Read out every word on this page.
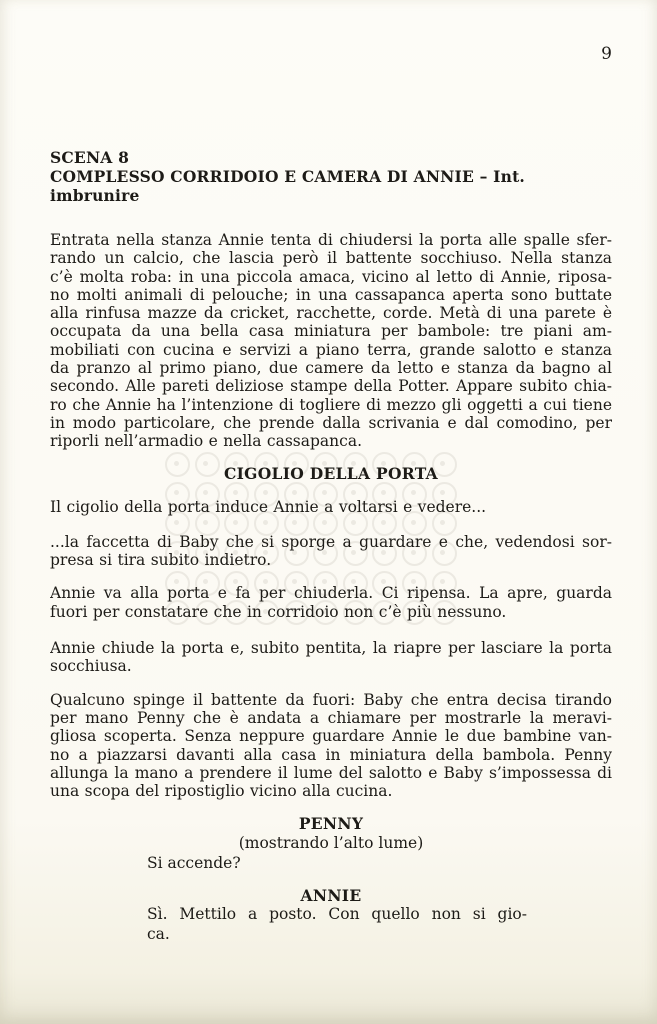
9
SCENA 8
COMPLESSO CORRIDOIO E CAMERA DI ANNIE – Int. imbrunire
Entrata nella stanza Annie tenta di chiudersi la porta alle spalle sfer-
rando un calcio, che lascia però il battente socchiuso. Nella stanza
c’è molta roba: in una piccola amaca, vicino al letto di Annie, riposa-
no molti animali di pelouche; in una cassapanca aperta sono buttate
alla rinfusa mazze da cricket, racchette, corde. Metà di una parete è
occupata da una bella casa miniatura per bambole: tre piani am-
mobiliati con cucina e servizi a piano terra, grande salotto e stanza
da pranzo al primo piano, due camere da letto e stanza da bagno al
secondo. Alle pareti deliziose stampe della Potter. Appare subito chia-
ro che Annie ha l’intenzione di togliere di mezzo gli oggetti a cui tiene
in modo particolare, che prende dalla scrivania e dal comodino, per
riporli nell’armadio e nella cassapanca.
CIGOLIO DELLA PORTA
Il cigolio della porta induce Annie a voltarsi e vedere...
...la faccetta di Baby che si sporge a guardare e che, vedendosi sor-
presa si tira subito indietro.
Annie va alla porta e fa per chiuderla. Ci ripensa. La apre, guarda
fuori per constatare che in corridoio non c’è più nessuno.
Annie chiude la porta e, subito pentita, la riapre per lasciare la porta
socchiusa.
Qualcuno spinge il battente da fuori: Baby che entra decisa tirando
per mano Penny che è andata a chiamare per mostrarle la meravi-
gliosa scoperta. Senza neppure guardare Annie le due bambine van-
no a piazzarsi davanti alla casa in miniatura della bambola. Penny
allunga la mano a prendere il lume del salotto e Baby s’impossessa di
una scopa del ripostiglio vicino alla cucina.
PENNY
(mostrando l’alto lume)
Si accende?
ANNIE
Sì. Mettilo a posto. Con quello non si gio-
ca.
